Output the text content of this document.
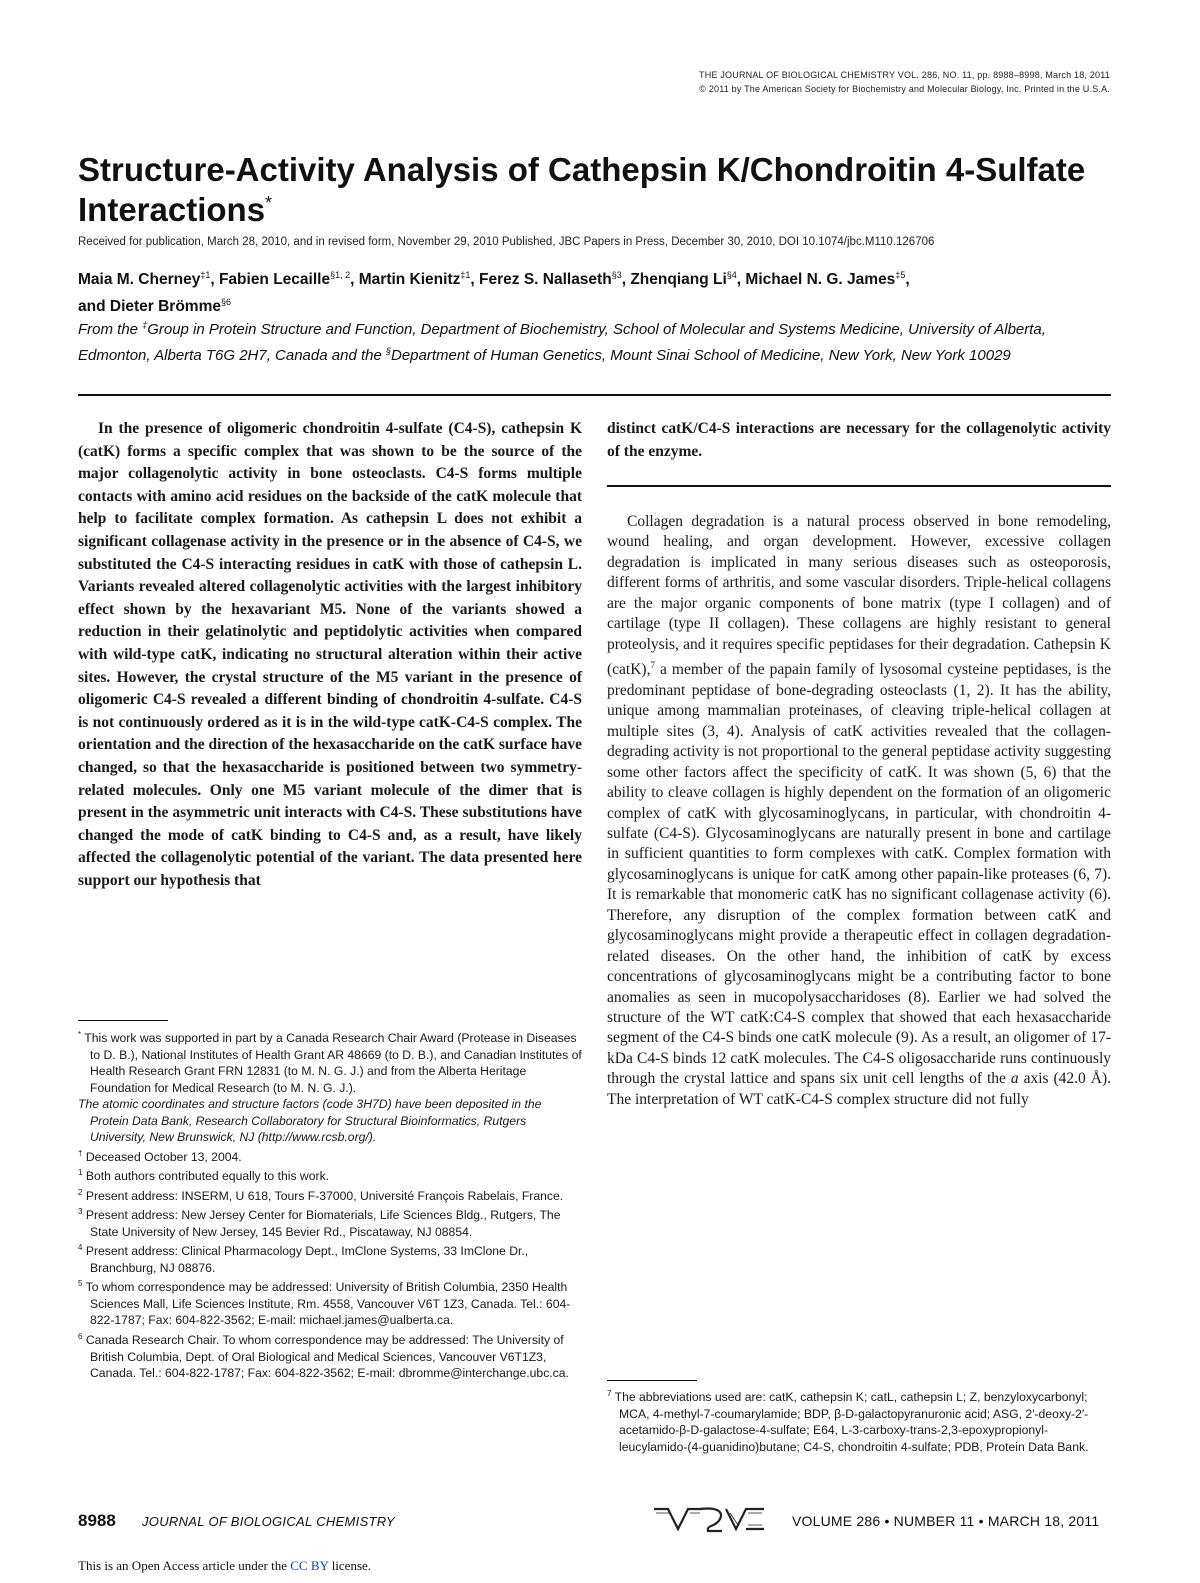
THE JOURNAL OF BIOLOGICAL CHEMISTRY VOL. 286, NO. 11, pp. 8988–8998, March 18, 2011
© 2011 by The American Society for Biochemistry and Molecular Biology, Inc. Printed in the U.S.A.
Structure-Activity Analysis of Cathepsin K/Chondroitin 4-Sulfate Interactions*
Received for publication, March 28, 2010, and in revised form, November 29, 2010 Published, JBC Papers in Press, December 30, 2010, DOI 10.1074/jbc.M110.126706
Maia M. Cherney$^{\ddagger 1}$, Fabien Lecaille$^{\S 1, 2}$, Martin Kienitz$^{\ddagger 1}$, Ferez S. Nallaseth$^{\S 3}$, Zhenqiang Li$^{\S 4}$, Michael N. G. James$^{\ddagger 5}$,
and Dieter Brömme$^{\S 6}$
From the ‡Group in Protein Structure and Function, Department of Biochemistry, School of Molecular and Systems Medicine, University of Alberta, Edmonton, Alberta T6G 2H7, Canada and the §Department of Human Genetics, Mount Sinai School of Medicine, New York, New York 10029
In the presence of oligomeric chondroitin 4-sulfate (C4-S), cathepsin K (catK) forms a specific complex that was shown to be the source of the major collagenolytic activity in bone osteoclasts. C4-S forms multiple contacts with amino acid residues on the backside of the catK molecule that help to facilitate complex formation. As cathepsin L does not exhibit a significant collagenase activity in the presence or in the absence of C4-S, we substituted the C4-S interacting residues in catK with those of cathepsin L. Variants revealed altered collagenolytic activities with the largest inhibitory effect shown by the hexavariant M5. None of the variants showed a reduction in their gelatinolytic and peptidolytic activities when compared with wild-type catK, indicating no structural alteration within their active sites. However, the crystal structure of the M5 variant in the presence of oligomeric C4-S revealed a different binding of chondroitin 4-sulfate. C4-S is not continuously ordered as it is in the wild-type catK-C4-S complex. The orientation and the direction of the hexasaccharide on the catK surface have changed, so that the hexasaccharide is positioned between two symmetry-related molecules. Only one M5 variant molecule of the dimer that is present in the asymmetric unit interacts with C4-S. These substitutions have changed the mode of catK binding to C4-S and, as a result, have likely affected the collagenolytic potential of the variant. The data presented here support our hypothesis that
distinct catK/C4-S interactions are necessary for the collagenolytic activity of the enzyme.
Collagen degradation is a natural process observed in bone remodeling, wound healing, and organ development. However, excessive collagen degradation is implicated in many serious diseases such as osteoporosis, different forms of arthritis, and some vascular disorders. Triple-helical collagens are the major organic components of bone matrix (type I collagen) and of cartilage (type II collagen). These collagens are highly resistant to general proteolysis, and it requires specific peptidases for their degradation. Cathepsin K (catK),$^7$ a member of the papain family of lysosomal cysteine peptidases, is the predominant peptidase of bone-degrading osteoclasts (1, 2). It has the ability, unique among mammalian proteinases, of cleaving triple-helical collagen at multiple sites (3, 4). Analysis of catK activities revealed that the collagen-degrading activity is not proportional to the general peptidase activity suggesting some other factors affect the specificity of catK. It was shown (5, 6) that the ability to cleave collagen is highly dependent on the formation of an oligomeric complex of catK with glycosaminoglycans, in particular, with chondroitin 4-sulfate (C4-S). Glycosaminoglycans are naturally present in bone and cartilage in sufficient quantities to form complexes with catK. Complex formation with glycosaminoglycans is unique for catK among other papain-like proteases (6, 7). It is remarkable that monomeric catK has no significant collagenase activity (6). Therefore, any disruption of the complex formation between catK and glycosaminoglycans might provide a therapeutic effect in collagen degradation-related diseases. On the other hand, the inhibition of catK by excess concentrations of glycosaminoglycans might be a contributing factor to bone anomalies as seen in mucopolysaccharidoses (8). Earlier we had solved the structure of the WT catK:C4-S complex that showed that each hexasaccharide segment of the C4-S binds one catK molecule (9). As a result, an oligomer of 17-kDa C4-S binds 12 catK molecules. The C4-S oligosaccharide runs continuously through the crystal lattice and spans six unit cell lengths of the a axis (42.0 Å). The interpretation of WT catK-C4-S complex structure did not fully

* This work was supported in part by a Canada Research Chair Award (Protease in Diseases to D. B.), National Institutes of Health Grant AR 48669 (to D. B.), and Canadian Institutes of Health Research Grant FRN 12831 (to M. N. G. J.) and from the Alberta Heritage Foundation for Medical Research (to M. N. G. J.).

The atomic coordinates and structure factors (code 3H7D) have been deposited in the Protein Data Bank, Research Collaboratory for Structural Bioinformatics, Rutgers University, New Brunswick, NJ (http://www.rcsb.org/).

† Deceased October 13, 2004.

$^1$ Both authors contributed equally to this work.

$^2$ Present address: INSERM, U 618, Tours F-37000, Université François Rabelais, France.

$^3$ Present address: New Jersey Center for Biomaterials, Life Sciences Bldg., Rutgers, The State University of New Jersey, 145 Bevier Rd., Piscataway, NJ 08854.

$^4$ Present address: Clinical Pharmacology Dept., ImClone Systems, 33 ImClone Dr., Branchburg, NJ 08876.

$^5$ To whom correspondence may be addressed: University of British Columbia, 2350 Health Sciences Mall, Life Sciences Institute, Rm. 4558, Vancouver V6T 1Z3, Canada. Tel.: 604-822-1787; Fax: 604-822-3562; E-mail: michael.james@ualberta.ca.

$^6$ Canada Research Chair. To whom correspondence may be addressed: The University of British Columbia, Dept. of Oral Biological and Medical Sciences, Vancouver V6T1Z3, Canada. Tel.: 604-822-1787; Fax: 604-822-3562; E-mail: dbromme@interchange.ubc.ca.

$^7$ The abbreviations used are: catK, cathepsin K; catL, cathepsin L; Z, benzyloxycarbonyl; MCA, 4-methyl-7-coumarylamide; BDP, β-D-galactopyranuronic acid; ASG, 2′-deoxy-2′-acetamido-β-D-galactose-4-sulfate; E64, L-3-carboxy-trans-2,3-epoxypropionyl-leucylamido-(4-guanidino)butane; C4-S, chondroitin 4-sulfate; PDB, Protein Data Bank.

8988 JOURNAL OF BIOLOGICAL CHEMISTRY	VOLUME 286 • NUMBER 11 • MARCH 18, 2011
This is an Open Access article under the CC BY license.
